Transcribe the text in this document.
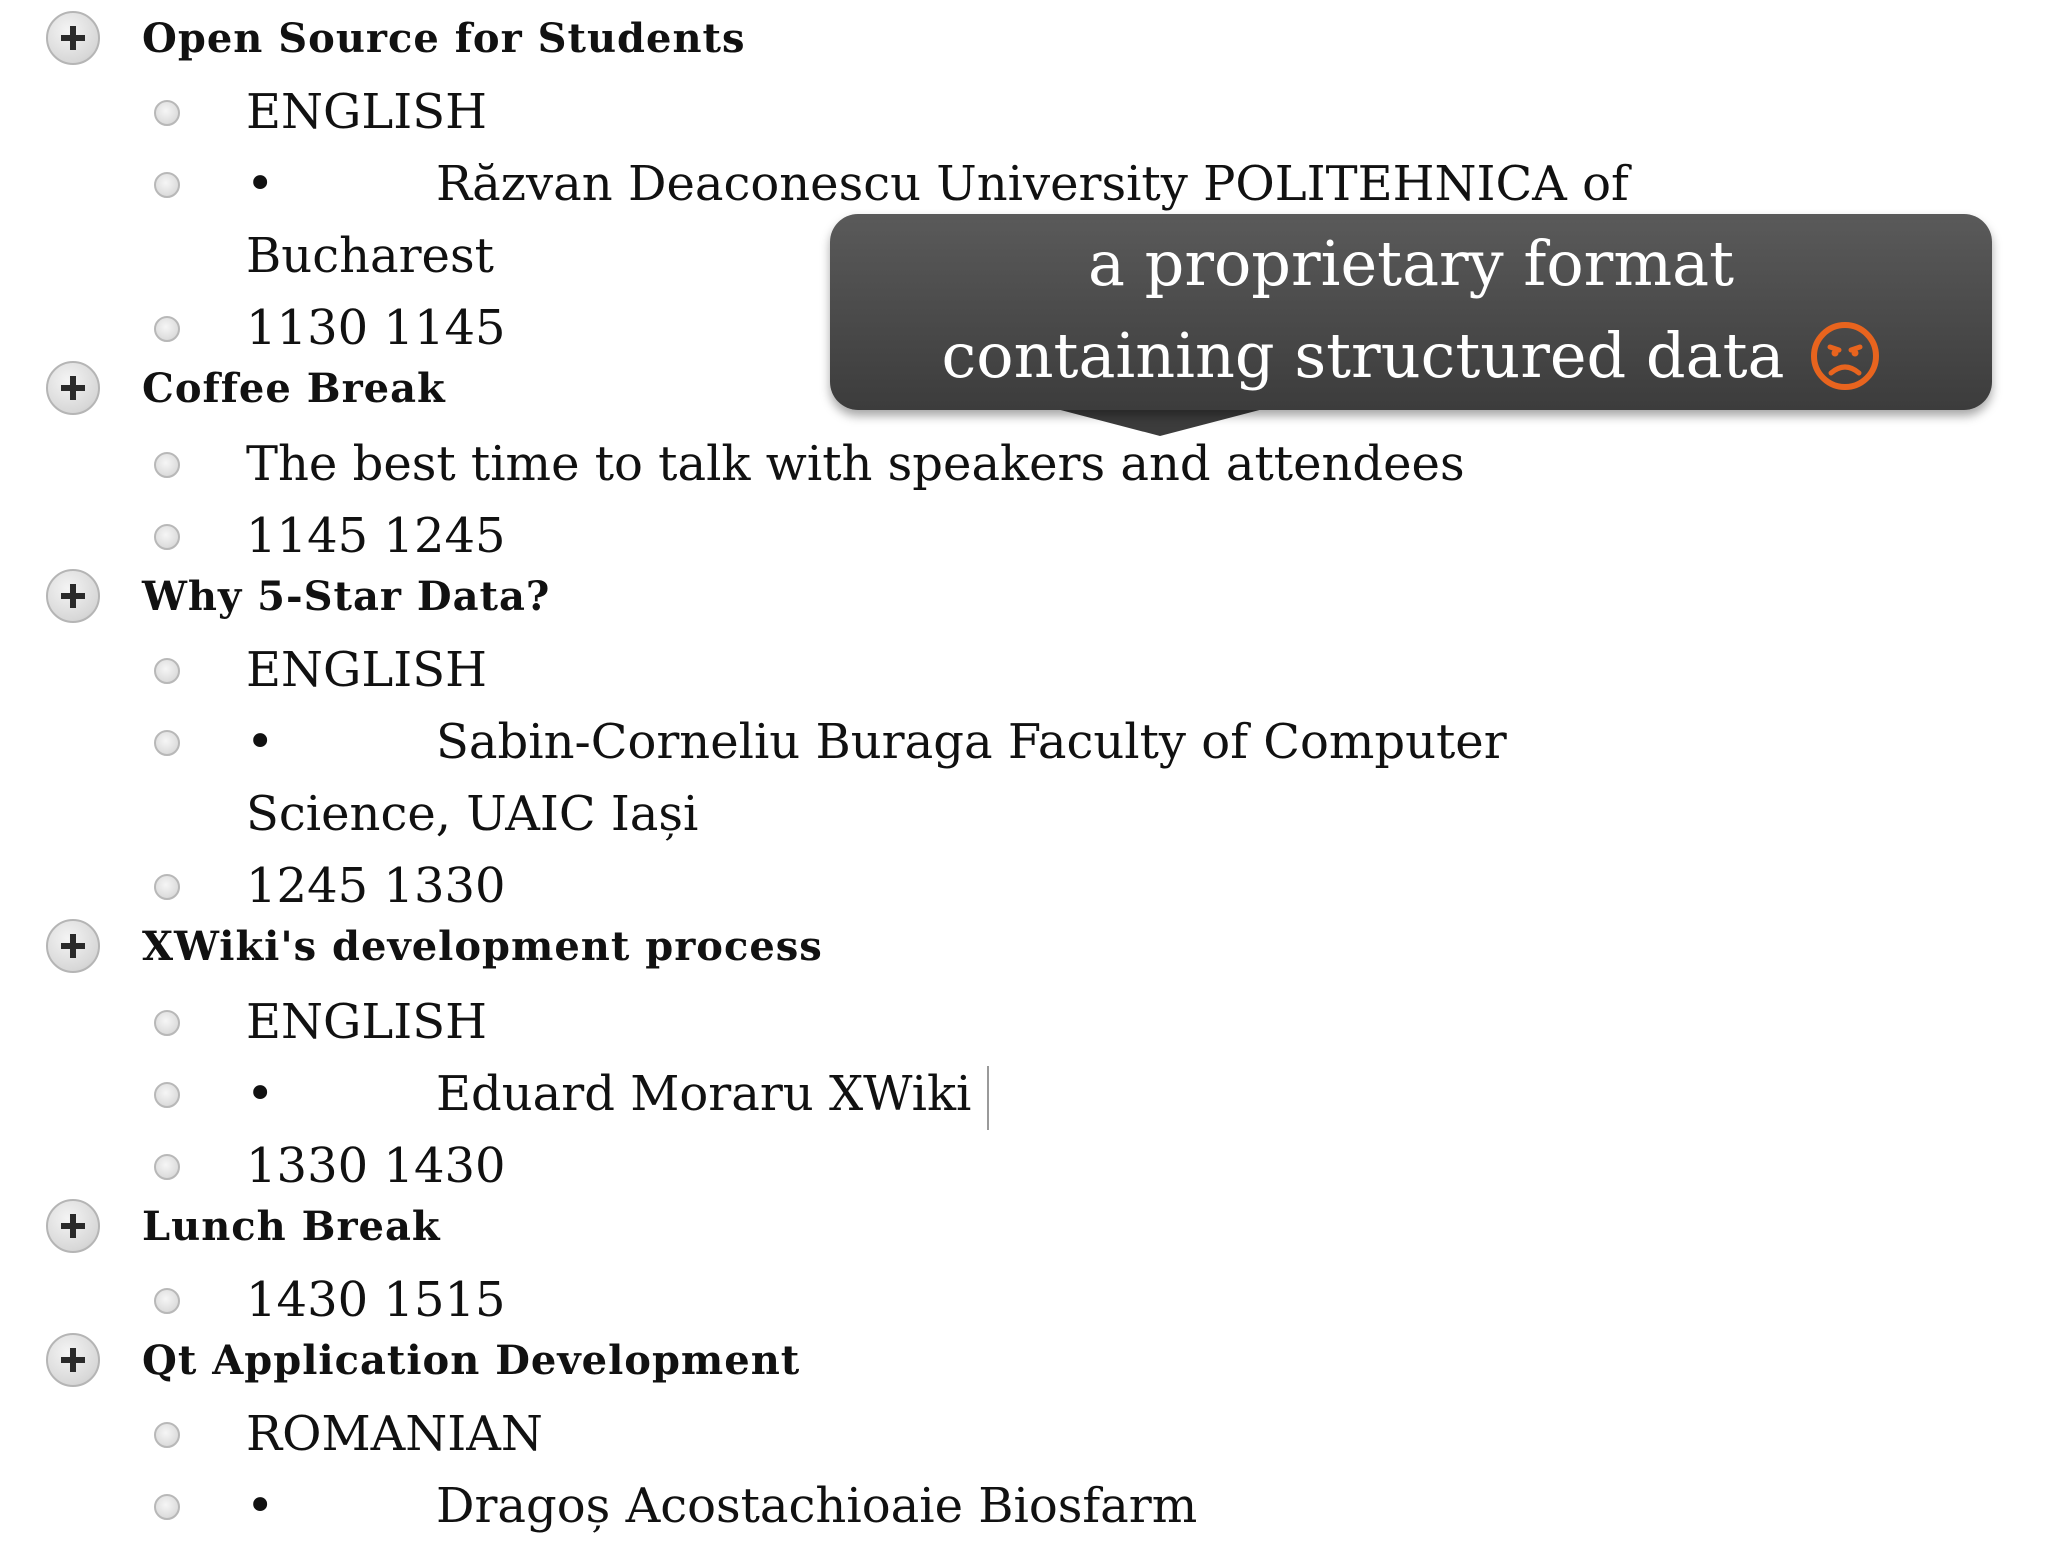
Open Source for Students
ENGLISH
•	Răzvan Deaconescu University POLITEHNICA of
Bucharest
1130 1145
Coffee Break
The best time to talk with speakers and attendees
1145 1245
Why 5-Star Data?
ENGLISH
•	Sabin-Corneliu Buraga Faculty of Computer
Science, UAIC Iași
1245 1330
XWiki's development process
ENGLISH
•	Eduard Moraru XWiki
1330 1430
Lunch Break
1430 1515
Qt Application Development
ROMANIAN
•	Dragoș Acostachioaie Biosfarm
a proprietary format
containing structured data
